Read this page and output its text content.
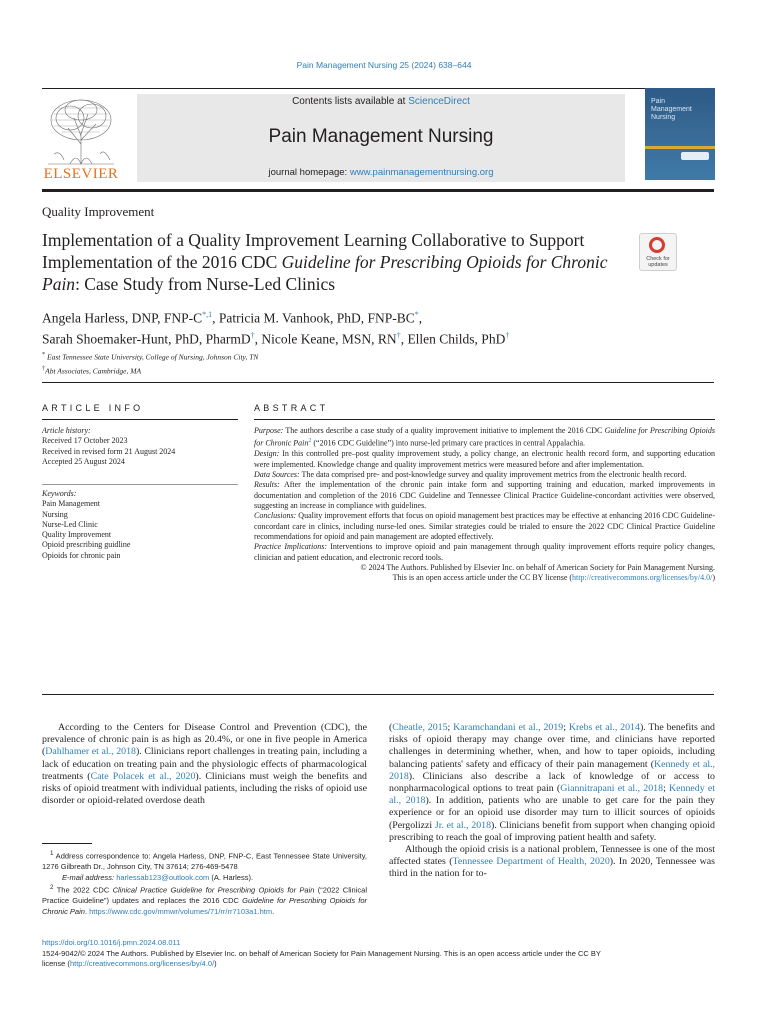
Pain Management Nursing 25 (2024) 638–644
ELSEVIER
Contents lists available at ScienceDirect
Pain Management Nursing
journal homepage: www.painmanagementnursing.org
Pain Management Nursing
Quality Improvement
Implementation of a Quality Improvement Learning Collaborative to Support Implementation of the 2016 CDC Guideline for Prescribing Opioids for Chronic Pain: Case Study from Nurse-Led Clinics
Check for updates
Angela Harless, DNP, FNP-$C^{*,1}$, Patricia M. Vanhook, PhD, FNP-BC*,
Sarah Shoemaker-Hunt, PhD, PharmD†, Nicole Keane, MSN, RN†, Ellen Childs, PhD†
* East Tennessee State University, College of Nursing, Johnson City, TN
†Abt Associates, Cambridge, MA
ARTICLE INFO
Article history:
Received 17 October 2023
Received in revised form 21 August 2024
Accepted 25 August 2024
Keywords:
Pain Management
Nursing
Nurse-Led Clinic
Quality Improvement
Opioid prescribing guidline
Opioids for chronic pain
ABSTRACT

Purpose: The authors describe a case study of a quality improvement initiative to implement the 2016 CDC Guideline for Prescribing Opioids for Chronic Pain$^2$ (“2016 CDC Guideline”) into nurse-led primary care practices in central Appalachia.

Design: In this controlled pre–post quality improvement study, a policy change, an electronic health record form, and supporting education were implemented. Knowledge change and quality improvement metrics were measured before and after implementation.

Data Sources: The data comprised pre- and post-knowledge survey and quality improvement metrics from the electronic health record.

Results: After the implementation of the chronic pain intake form and supporting training and education, marked improvements in documentation and completion of the 2016 CDC Guideline and Tennessee Clinical Practice Guideline-concordant activities were observed, suggesting an increase in compliance with guidelines.

Conclusions: Quality improvement efforts that focus on opioid management best practices may be effective at enhancing 2016 CDC Guideline-concordant care in clinics, including nurse-led ones. Similar strategies could be trialed to ensure the 2022 CDC Clinical Practice Guideline recommendations for opioid and pain management are adopted effectively.

Practice Implications: Interventions to improve opioid and pain management through quality improvement efforts require policy changes, clinician and patient education, and electronic record tools.

© 2024 The Authors. Published by Elsevier Inc. on behalf of American Society for Pain Management Nursing.

This is an open access article under the CC BY license (http://creativecommons.org/licenses/by/4.0/)

According to the Centers for Disease Control and Prevention (CDC), the prevalence of chronic pain is as high as 20.4%, or one in five people in America (Dahlhamer et al., 2018). Clinicians report challenges in treating pain, including a lack of education on treating pain and the physiologic effects of pharmacological treatments (Cate Polacek et al., 2020). Clinicians must weigh the benefits and risks of opioid treatment with individual patients, including the risks of opioid use disorder or opioid-related overdose death

$^1$ Address correspondence to: Angela Harless, DNP, FNP-C, East Tennessee State University, 1276 Gilbreath Dr., Johnson City, TN 37614; 276-469-5478

E-mail address: harlessab123@outlook.com (A. Harless).

$^2$ The 2022 CDC Clinical Practice Guideline for Prescribing Opioids for Pain (“2022 Clinical Practice Guideline”) updates and replaces the 2016 CDC Guideline for Prescribing Opioids for Chronic Pain. https://www.cdc.gov/mmwr/volumes/71/rr/rr7103a1.htm.

(Cheatle, 2015; Karamchandani et al., 2019; Krebs et al., 2014). The benefits and risks of opioid therapy may change over time, and clinicians have reported challenges in determining whether, when, and how to taper opioids, including balancing patients' safety and efficacy of their pain management (Kennedy et al., 2018). Clinicians also describe a lack of knowledge of or access to nonpharmacological options to treat pain (Giannitrapani et al., 2018; Kennedy et al., 2018). In addition, patients who are unable to get care for the pain they experience or for an opioid use disorder may turn to illicit sources of opioids (Pergolizzi Jr. et al., 2018). Clinicians benefit from support when changing opioid prescribing to reach the goal of improving patient health and safety.

Although the opioid crisis is a national problem, Tennessee is one of the most affected states (Tennessee Department of Health, 2020). In 2020, Tennessee was third in the nation for to-

https://doi.org/10.1016/j.pmn.2024.08.011
1524-9042/© 2024 The Authors. Published by Elsevier Inc. on behalf of American Society for Pain Management Nursing. This is an open access article under the CC BY
license (http://creativecommons.org/licenses/by/4.0/)
